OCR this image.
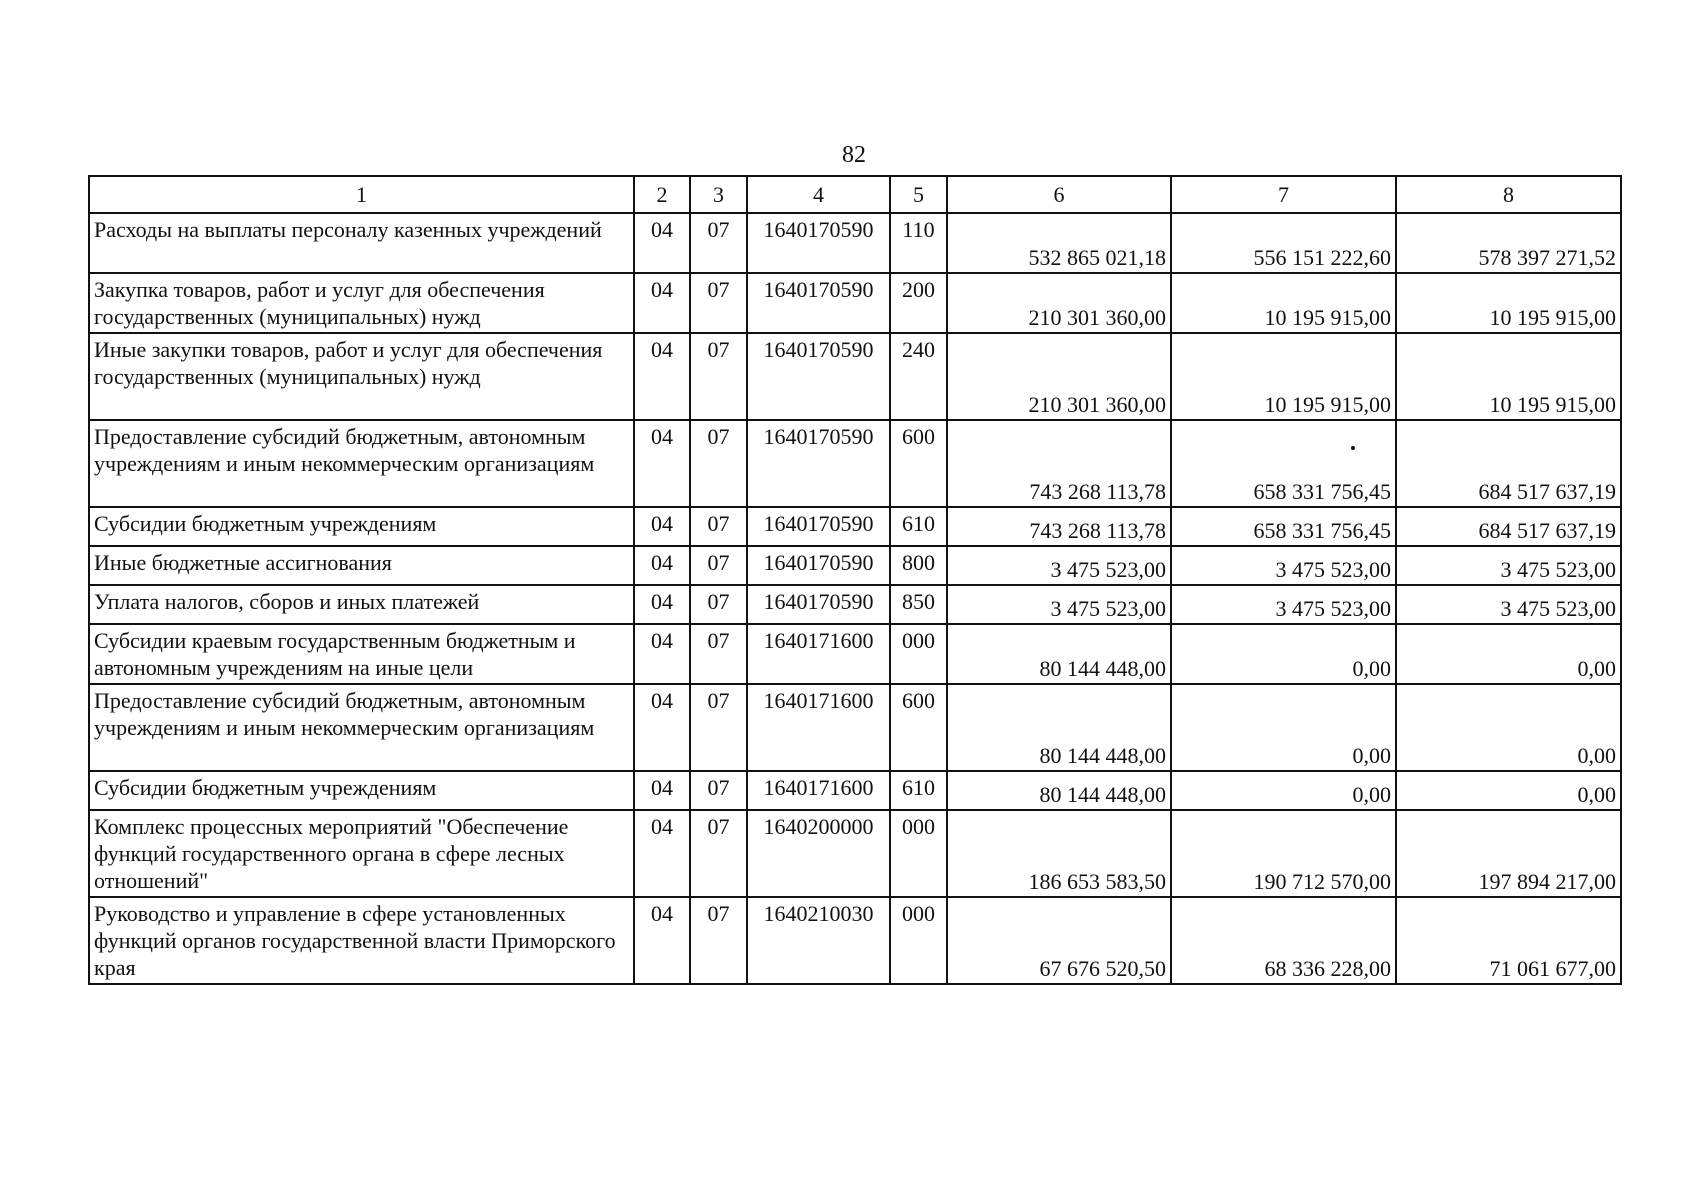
82
1	2	3	4	5	6	7	8
Расходы на выплаты персоналу казенных учреждений	04	07	1640170590	110	532 865 021,18	556 151 222,60	578 397 271,52
Закупка товаров, работ и услуг для обеспечения государственных (муниципальных) нужд	04	07	1640170590	200	210 301 360,00	10 195 915,00	10 195 915,00
Иные закупки товаров, работ и услуг для обеспечения государственных (муниципальных) нужд	04	07	1640170590	240	210 301 360,00	10 195 915,00	10 195 915,00
Предоставление субсидий бюджетным, автономным учреждениям и иным некоммерческим организациям	04	07	1640170590	600	743 268 113,78	658 331 756,45	684 517 637,19
Субсидии бюджетным учреждениям	04	07	1640170590	610	743 268 113,78	658 331 756,45	684 517 637,19
Иные бюджетные ассигнования	04	07	1640170590	800	3 475 523,00	3 475 523,00	3 475 523,00
Уплата налогов, сборов и иных платежей	04	07	1640170590	850	3 475 523,00	3 475 523,00	3 475 523,00
Субсидии краевым государственным бюджетным и автономным учреждениям на иные цели	04	07	1640171600	000	80 144 448,00	0,00	0,00
Предоставление субсидий бюджетным, автономным учреждениям и иным некоммерческим организациям	04	07	1640171600	600	80 144 448,00	0,00	0,00
Субсидии бюджетным учреждениям	04	07	1640171600	610	80 144 448,00	0,00	0,00
Комплекс процессных мероприятий "Обеспечение функций государственного органа в сфере лесных отношений"	04	07	1640200000	000	186 653 583,50	190 712 570,00	197 894 217,00
Руководство и управление в сфере установленных функций органов государственной власти Приморского края	04	07	1640210030	000	67 676 520,50	68 336 228,00	71 061 677,00
